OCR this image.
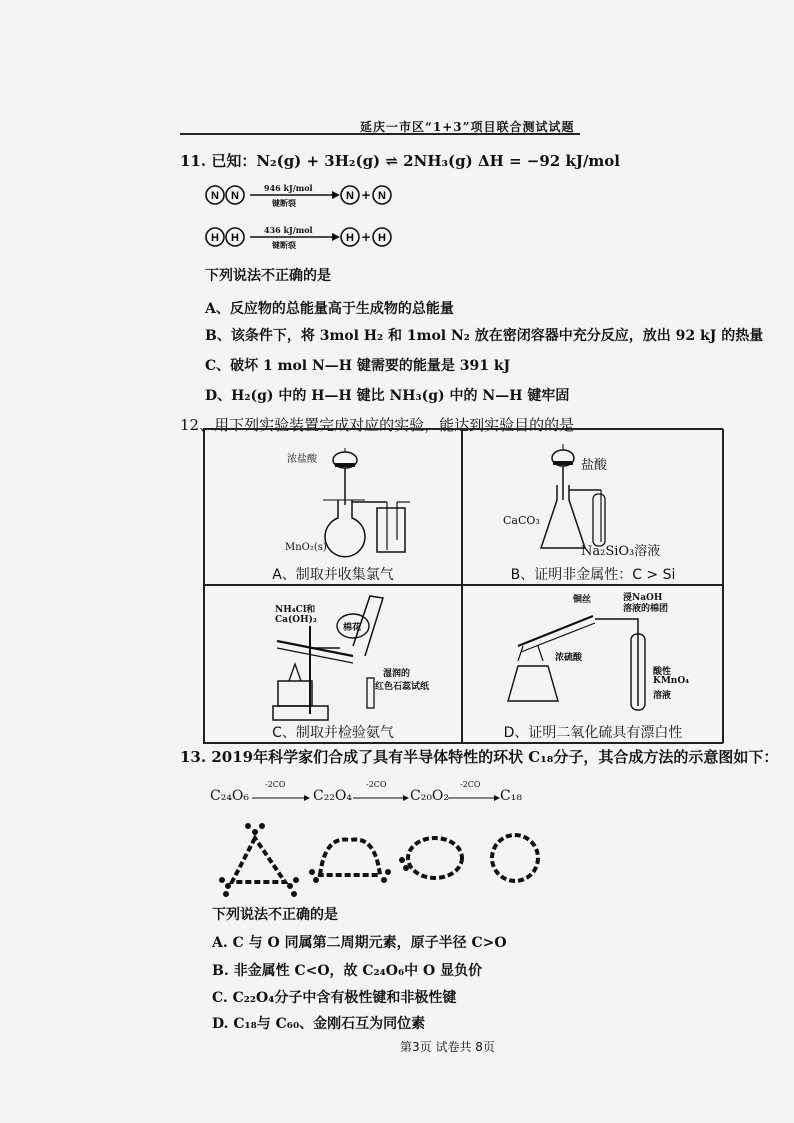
延庆一市区“1+3”项目联合测试试题
11. 已知：N₂(g) + 3H₂(g) ⇌ 2NH₃(g) ΔH = −92 kJ/mol
N N	N + N
H H	H + H
946 kJ/mol
键断裂
436 kJ/mol
键断裂
下列说法不正确的是
A、反应物的总能量高于生成物的总能量
B、该条件下，将 3mol H₂ 和 1mol N₂ 放在密闭容器中充分反应，放出 92 kJ 的热量
C、破坏 1 mol N—H 键需要的能量是 391 kJ
D、H₂(g) 中的 H—H 键比 NH₃(g) 中的 N—H 键牢固
12、用下列实验装置完成对应的实验，能达到实验目的的是
浓盐酸
MnO₂(s)
A、制取并收集氯气
盐酸
CaCO₃
Na₂SiO₃溶液
B、证明非金属性：C > Si
NH₄Cl和
Ca(OH)₂
棉花
湿润的
红色石蕊试纸
C、制取并检验氨气
铜丝	浸NaOH
溶液的棉团
浓硫酸
酸性
KMnO₄
溶液
D、证明二氧化硫具有漂白性
13. 2019年科学家们合成了具有半导体特性的环状 C₁₈分子，其合成方法的示意图如下：
C₂₄O₆	C₂₂O₄	C₂₀O₂	C₁₈
-2CO	-2CO	-2CO
下列说法不正确的是
A. C 与 O 同属第二周期元素，原子半径 C>O
B. 非金属性 C<O，故 C₂₄O₆中 O 显负价
C. C₂₂O₄分子中含有极性键和非极性键
D. C₁₈与 C₆₀、金刚石互为同位素
第3页 试卷共 8页
